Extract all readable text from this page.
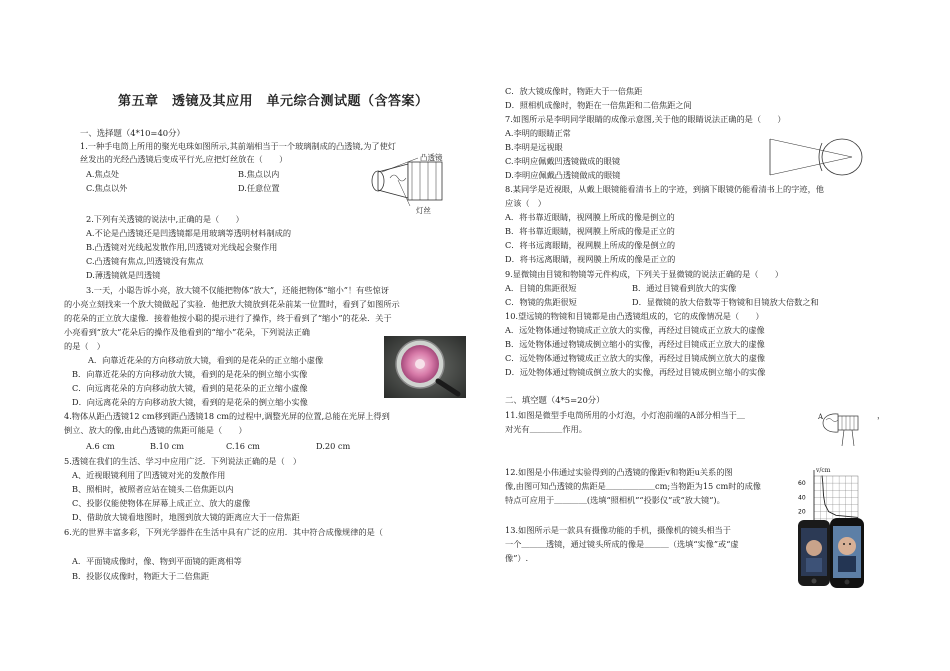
第五章　透镜及其应用　单元综合测试题（含答案）
一、选择题（4*10=40分）
1.一种手电筒上所用的聚光电珠如图所示,其前端相当于一个玻璃制成的凸透镜,为了使灯
丝发出的光经凸透镜后变成平行光,应把灯丝放在（　　）
A.焦点处	B.焦点以内
C.焦点以外	D.任意位置
凸透镜
灯丝
2.下列有关透镜的说法中,正确的是（　　）
A.不论是凸透镜还是凹透镜都是用玻璃等透明材料制成的
B.凸透镜对光线起发散作用,凹透镜对光线起会聚作用
C.凸透镜有焦点,凹透镜没有焦点
D.薄透镜就是凹透镜
3.一天，小聪告诉小亮，放大镜不仅能把物体“放大”，还能把物体“缩小”！有些惊讶
的小亮立刻找来一个放大镜做起了实验．他把放大镜放到花朵前某一位置时，看到了如图所示
的花朵的正立放大虚像．接着他按小聪的提示进行了操作，终于看到了“缩小”的花朵．关于
小亮看到“放大”花朵后的操作及他看到的“缩小”花朵，下列说法正确
的是（　）
A．向靠近花朵的方向移动放大镜，看到的是花朵的正立缩小虚像
B．向靠近花朵的方向移动放大镜，看到的是花朵的倒立缩小实像
C．向远离花朵的方向移动放大镜，看到的是花朵的正立缩小虚像
D．向远离花朵的方向移动放大镜，看到的是花朵的倒立缩小实像
4.物体从距凸透镜12 cm移到距凸透镜18 cm的过程中,调整光屏的位置,总能在光屏上得到
倒立、放大的像,由此凸透镜的焦距可能是（　　）
A.6 cm	B.10 cm	C.16 cm	D.20 cm
5.透镜在我们的生活、学习中应用广泛．下列说法正确的是（　）
A、近视眼镜利用了凹透镜对光的发散作用
B、照相时，被照者应站在镜头二倍焦距以内
C、投影仪能使物体在屏幕上成正立、放大的虚像
D、借助放大镜看地图时，地图到放大镜的距离应大于一倍焦距
6.光的世界丰富多彩，下列光学器件在生活中具有广泛的应用．其中符合成像规律的是（
A．平面镜成像时，像、物到平面镜的距离相等
B．投影仪成像时，物距大于二倍焦距
C．放大镜成像时，物距大于一倍焦距
D．照相机成像时，物距在一倍焦距和二倍焦距之间
7.如图所示是李明同学眼睛的成像示意图,关于他的眼睛说法正确的是（　　）
A.李明的眼睛正常
B.李明是远视眼
C.李明应佩戴凹透镜做成的眼镜
D.李明应佩戴凸透镜做成的眼镜
8.某同学是近视眼，从戴上眼镜能看清书上的字迹，到摘下眼镜仍能看清书上的字迹，他
应该（　）
A．将书靠近眼睛，视网膜上所成的像是倒立的
B．将书靠近眼睛，视网膜上所成的像是正立的
C．将书远离眼睛，视网膜上所成的像是倒立的
D．将书远离眼睛，视网膜上所成的像是正立的
9.显微镜由目镜和物镜等元件构成，下列关于显微镜的说法正确的是（　　）
A．目镜的焦距很短	B．通过目镜看到放大的实像
C．物镜的焦距很短	D．显微镜的放大倍数等于物镜和目镜放大倍数之和
10.望远镜的物镜和目镜都是由凸透镜组成的，它的成像情况是（　　）
A．远处物体通过物镜成正立放大的实像，再经过目镜成正立放大的虚像
B．远处物体通过物镜成倒立缩小的实像，再经过目镜成正立放大的虚像
C．远处物体通过物镜成正立放大的实像，再经过目镜成倒立放大的虚像
D．远处物体通过物镜成倒立放大的实像，再经过目镜成倒立缩小的实像
二、填空题（4*5=20分）
11.如图是微型手电筒所用的小灯泡，小灯泡前端的A部分相当于＿	，
对光有＿＿＿＿作用。
A
12.如图是小伟通过实验得到的凸透镜的像距v和物距u关系的图
像,由图可知凸透镜的焦距是＿＿＿＿＿＿cm;当物距为15 cm时的成像
特点可应用于＿＿＿＿(选填“照相机”“投影仪”或“放大镜”)。
20
40
60
v/cm
13.如图所示是一款具有摄像功能的手机，摄像机的镜头相当于
一个＿＿＿透镜，通过镜头所成的像是＿＿＿（选填“实像”或“虚
像”）.
